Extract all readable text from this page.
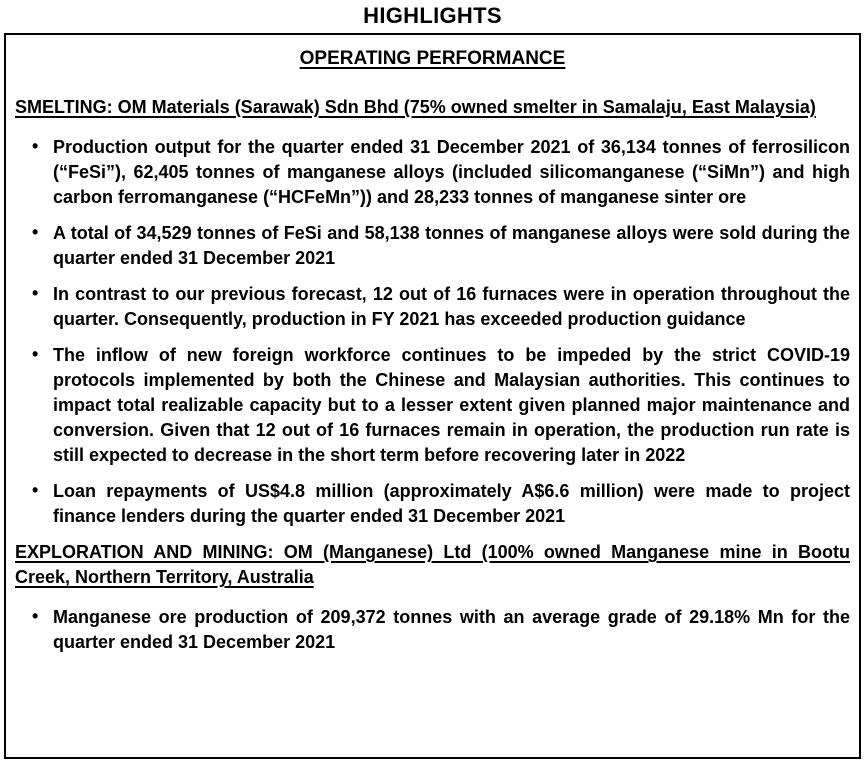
HIGHLIGHTS
OPERATING PERFORMANCE
SMELTING: OM Materials (Sarawak) Sdn Bhd (75% owned smelter in Samalaju, East Malaysia)
• Production output for the quarter ended 31 December 2021 of 36,134 tonnes of ferrosilicon (“FeSi”), 62,405 tonnes of manganese alloys (included silicomanganese (“SiMn”) and high carbon ferromanganese (“HCFeMn”)) and 28,233 tonnes of manganese sinter ore
• A total of 34,529 tonnes of FeSi and 58,138 tonnes of manganese alloys were sold during the quarter ended 31 December 2021
• In contrast to our previous forecast, 12 out of 16 furnaces were in operation throughout the quarter. Consequently, production in FY 2021 has exceeded production guidance
• The inflow of new foreign workforce continues to be impeded by the strict COVID-19 protocols implemented by both the Chinese and Malaysian authorities. This continues to impact total realizable capacity but to a lesser extent given planned major maintenance and conversion. Given that 12 out of 16 furnaces remain in operation, the production run rate is still expected to decrease in the short term before recovering later in 2022
• Loan repayments of US$4.8 million (approximately A$6.6 million) were made to project finance lenders during the quarter ended 31 December 2021
EXPLORATION AND MINING: OM (Manganese) Ltd (100% owned Manganese mine in Bootu Creek, Northern Territory, Australia
• Manganese ore production of 209,372 tonnes with an average grade of 29.18% Mn for the quarter ended 31 December 2021
